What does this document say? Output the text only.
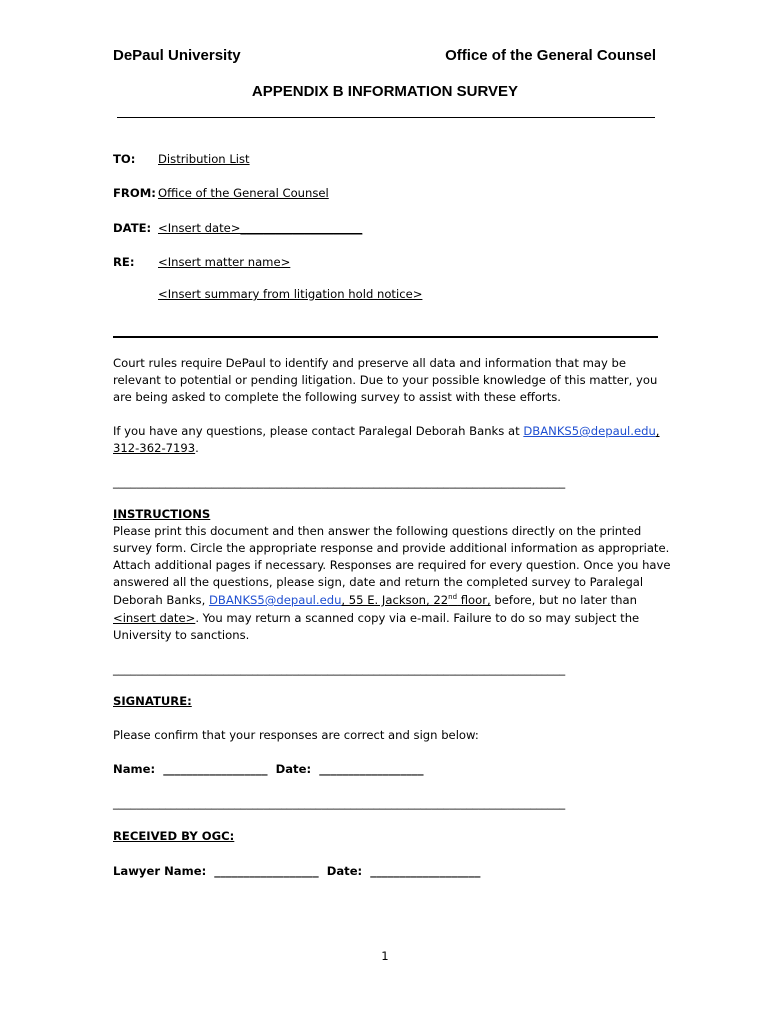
DePaul University	Office of the General Counsel
APPENDIX B INFORMATION SURVEY
TO: Distribution List
FROM: Office of the General Counsel
DATE: <Insert date>_____________________
RE: <Insert matter name>
<Insert summary from litigation hold notice>
Court rules require DePaul to identify and preserve all data and information that may be
relevant to potential or pending litigation. Due to your possible knowledge of this matter, you
are being asked to complete the following survey to assist with these efforts.
If you have any questions, please contact Paralegal Deborah Banks at DBANKS5@depaul.edu,
312-362-7193.
______________________________________________________________________________
INSTRUCTIONS
Please print this document and then answer the following questions directly on the printed
survey form. Circle the appropriate response and provide additional information as appropriate.
Attach additional pages if necessary. Responses are required for every question. Once you have
answered all the questions, please sign, date and return the completed survey to Paralegal
Deborah Banks, DBANKS5@depaul.edu, 55 E. Jackson, 22nd floor, before, but no later than
<insert date>. You may return a scanned copy via e-mail. Failure to do so may subject the
University to sanctions.
______________________________________________________________________________
SIGNATURE:
Please confirm that your responses are correct and sign below:
Name: __________________ Date: __________________
______________________________________________________________________________
RECEIVED BY OGC:
Lawyer Name: __________________ Date: ___________________
1
